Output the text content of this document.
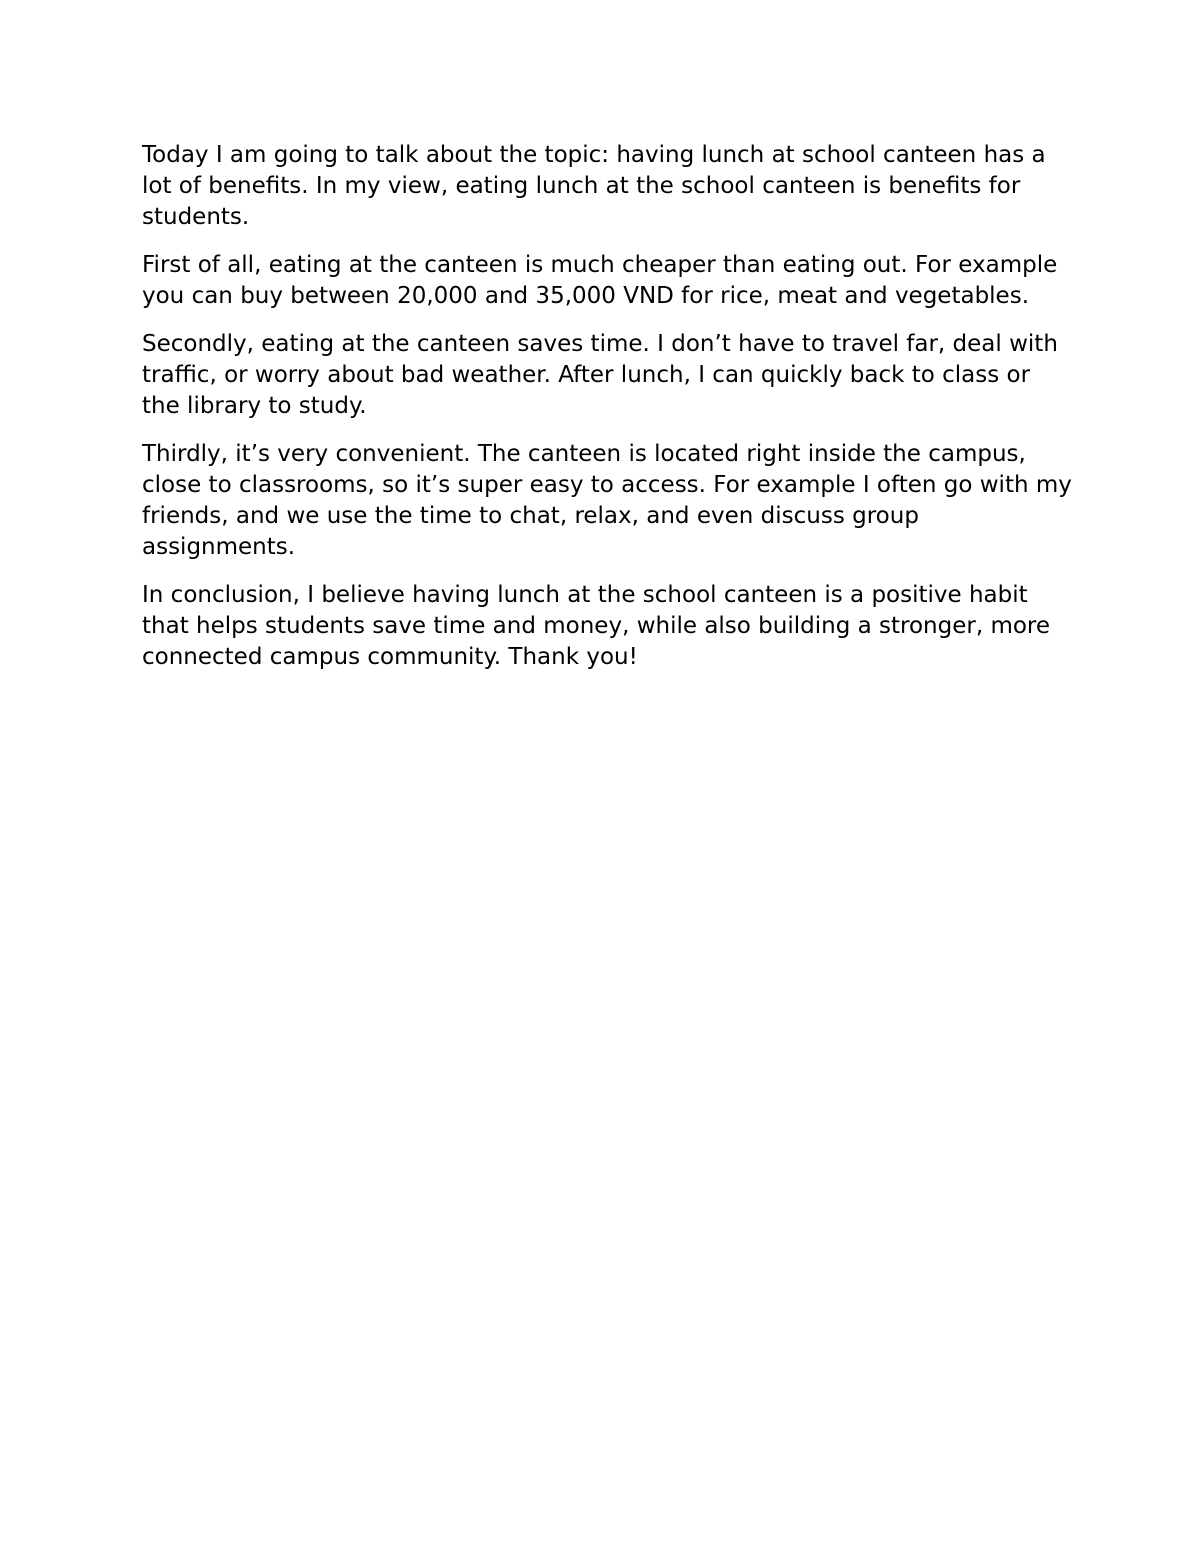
Today I am going to talk about the topic: having lunch at school canteen has a lot of benefits. In my view, eating lunch at the school canteen is benefits for students.

First of all, eating at the canteen is much cheaper than eating out. For example you can buy between 20,000 and 35,000 VND for rice, meat and vegetables.

Secondly, eating at the canteen saves time. I don’t have to travel far, deal with traffic, or worry about bad weather. After lunch, I can quickly back to class or the library to study.

Thirdly, it’s very convenient. The canteen is located right inside the campus, close to classrooms, so it’s super easy to access. For example I often go with my friends, and we use the time to chat, relax, and even discuss group assignments.

In conclusion, I believe having lunch at the school canteen is a positive habit that helps students save time and money, while also building a stronger, more connected campus community. Thank you!
